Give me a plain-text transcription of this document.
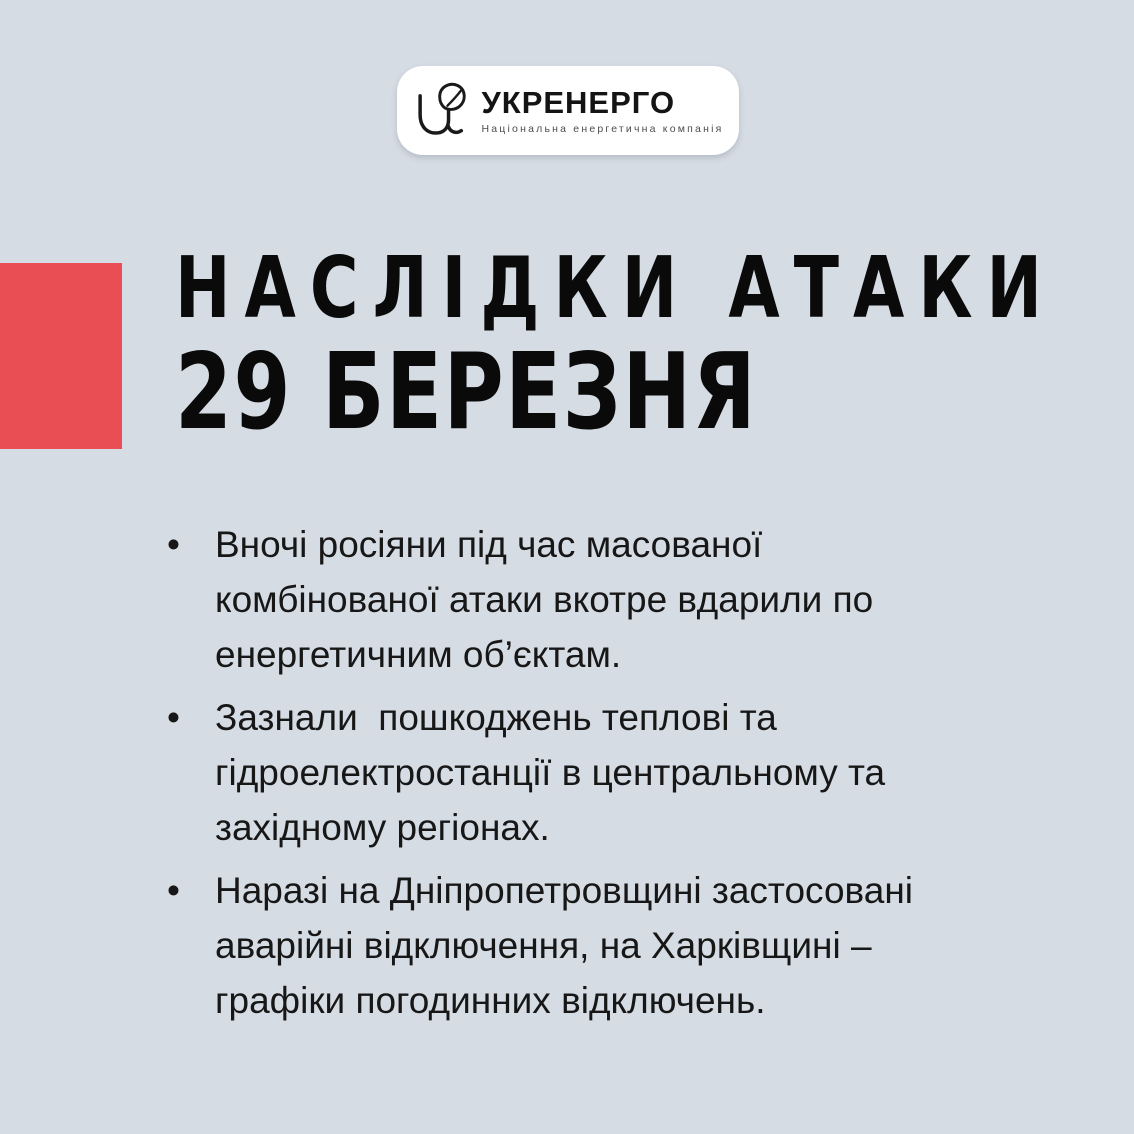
УКРЕНЕРГО
Національна енергетична компанія
НАСЛІДКИ АТАКИ
29 БЕРЕЗНЯ
• Вночі росіяни під час масованої комбінованої атаки вкотре вдарили по енергетичним об’єктам.
• Зазнали  пошкоджень теплові та гідроелектростанції в центральному та західному регіонах.
• Наразі на Дніпропетровщині застосовані аварійні відключення, на Харківщині – графіки погодинних відключень.
